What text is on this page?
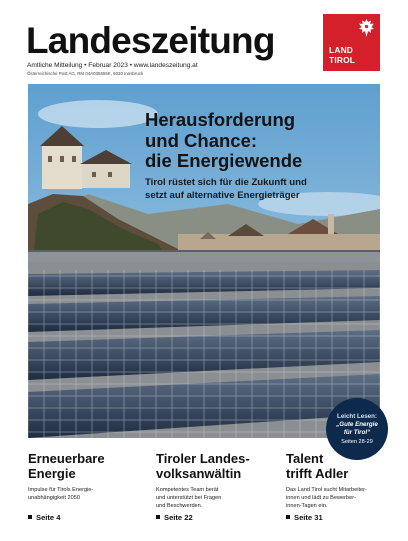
Landeszeitung
Amtliche Mitteilung • Februar 2023 • www.landeszeitung.at
Österreichische Post AG, RM 04A035555K, 6020 Innsbruck
LAND
TIROL
Herausforderung
und Chance:
die Energiewende
Tirol rüstet sich für die Zukunft und
setzt auf alternative Energieträger
Leicht Lesen:
„Gute Energie
für Tirol“
Seiten 28-29
Erneuerbare
Energie
Impulse für Tirols Energie-
unabhängigkeit 2050
Seite 4
Tiroler Landes-
volksanwältin
Kompetentes Team berät
und unterstützt bei Fragen
und Beschwerden.
Seite 22
Talent
trifft Adler
Das Land Tirol sucht Mitarbeiter-
innen und lädt zu Bewerber-
innen-Tagen ein.
Seite 31
